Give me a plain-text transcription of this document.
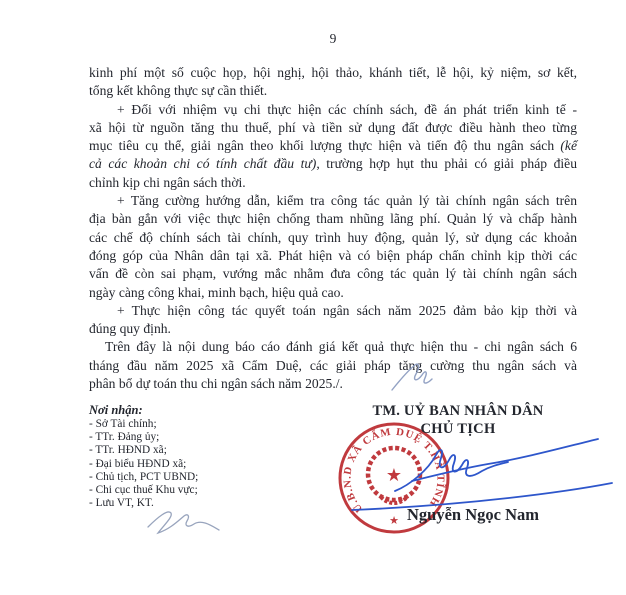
9
kinh phí một số cuộc họp, hội nghị, hội thảo, khánh tiết, lễ hội, kỷ niệm, sơ kết,
tổng kết không thực sự cần thiết.
+ Đối với nhiệm vụ chi thực hiện các chính sách, đề án phát triển kinh tế -
xã hội từ nguồn tăng thu thuế, phí và tiền sử dụng đất được điều hành theo từng
mục tiêu cụ thể, giải ngân theo khối lượng thực hiện và tiến độ thu ngân sách (kể
cả các khoản chi có tính chất đầu tư), trường hợp hụt thu phải có giải pháp điều
chỉnh kịp chi ngân sách thời.
+ Tăng cường hướng dẫn, kiểm tra công tác quản lý tài chính ngân sách trên
địa bàn gắn với việc thực hiện chống tham nhũng lãng phí. Quản lý và chấp hành
các chế độ chính sách tài chính, quy trình huy động, quản lý, sử dụng các khoản
đóng góp của Nhân dân tại xã. Phát hiện và có biện pháp chấn chỉnh kịp thời các
vấn đề còn sai phạm, vướng mắc nhằm đưa công tác quản lý tài chính ngân sách
ngày càng công khai, minh bạch, hiệu quả cao.
+ Thực hiện công tác quyết toán ngân sách năm 2025 đảm bảo kịp thời và
đúng quy định.
Trên đây là nội dung báo cáo đánh giá kết quả thực hiện thu - chi ngân sách 6
tháng đầu năm 2025 xã Cẩm Duệ, các giải pháp tăng cường thu ngân sách và
phân bổ dự toán thu chi ngân sách năm 2025./.
Nơi nhận:
- Sở Tài chính;
- TTr. Đảng ủy;
- TTr. HĐND xã;
- Đại biểu HĐND xã;
- Chủ tịch, PCT UBND;
- Chi cục thuế Khu vực;
- Lưu VT, KT.	U.B.N.D XÃ CẨM DUỆ T.HÀ TĨNH
★
★
TM. UỶ BAN NHÂN DÂN
CHỦ TỊCH
Nguyễn Ngọc Nam
